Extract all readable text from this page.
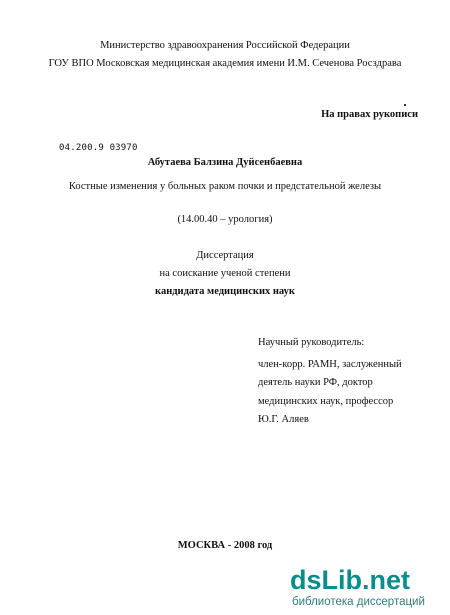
Министерство здравоохранения Российской Федерации
ГОУ ВПО Московская медицинская академия имени И.М. Сеченова Росздрава
На правах рукописи
04.200.9 03970
Абутаева Балзина Дуйсенбаевна
Костные изменения у больных раком почки и предстательной железы
(14.00.40 – урология)
Диссертация
на соискание ученой степени
кандидата медицинских наук
Научный руководитель:
член-корр. РАМН, заслуженный
деятель науки РФ, доктор
медицинских наук, профессор
Ю.Г. Аляев
МОСКВА - 2008 год
dsLib.net
библиотека диссертаций
